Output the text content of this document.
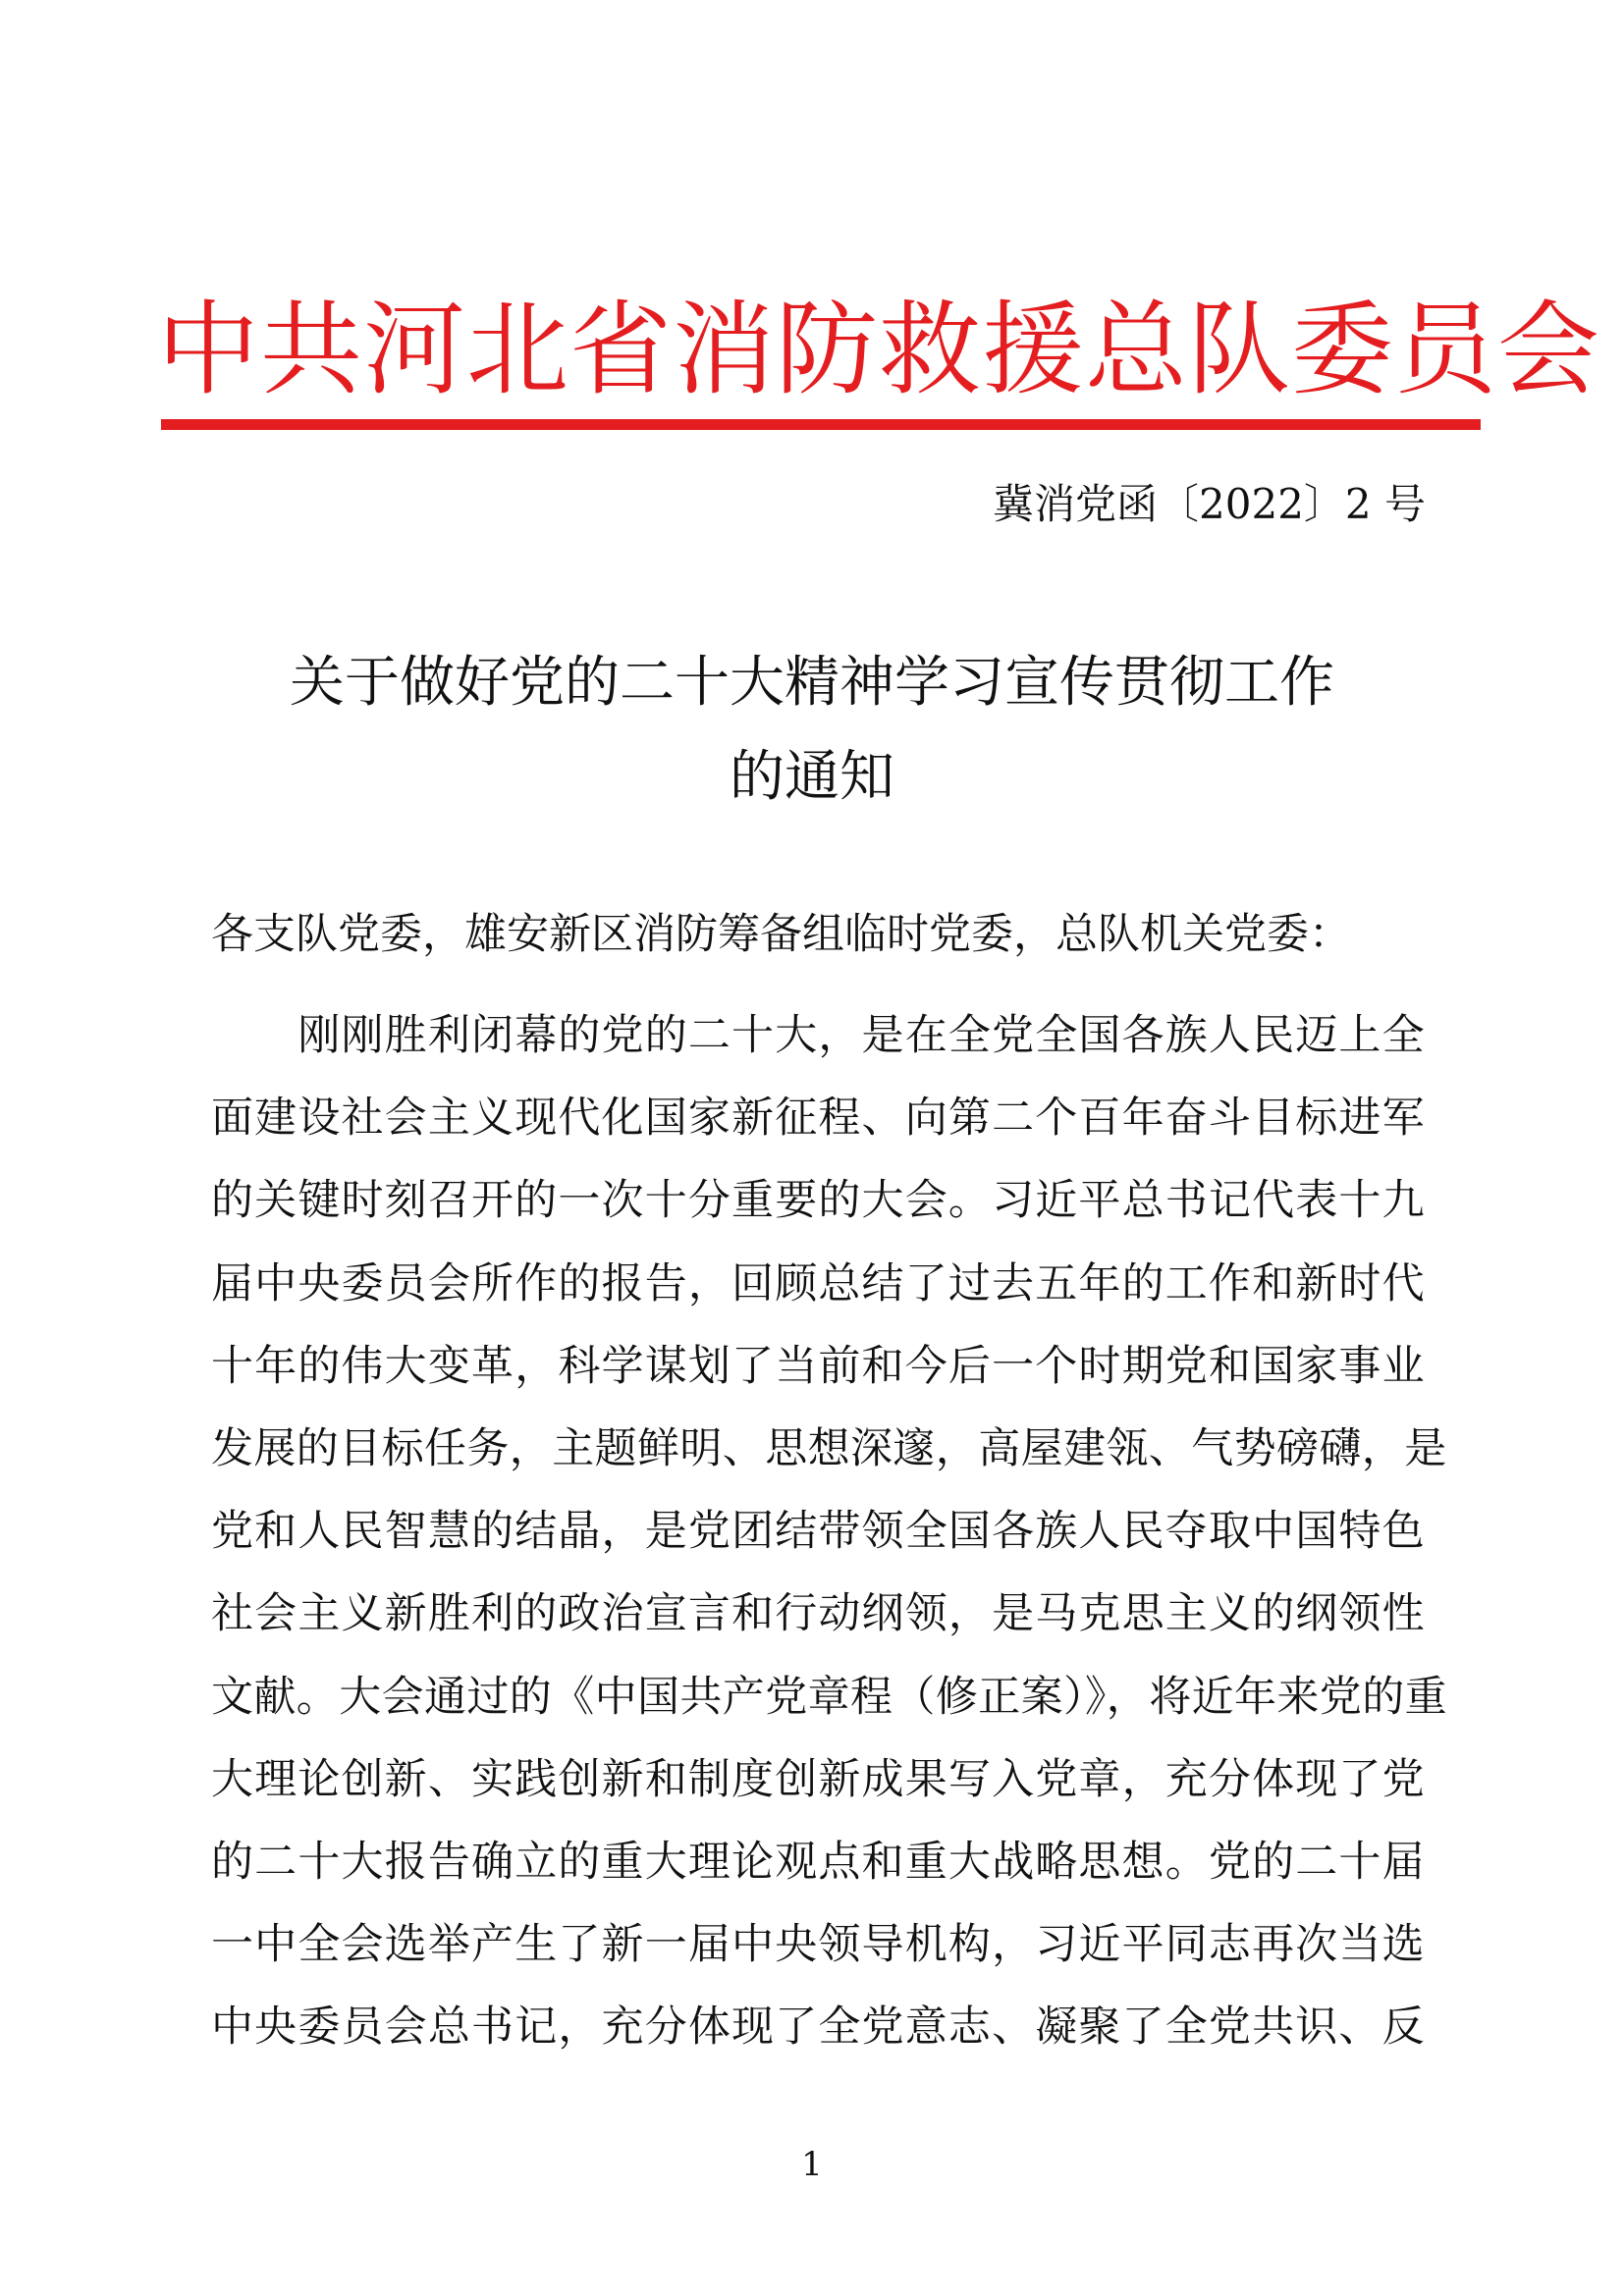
中共河北省消防救援总队委员会
冀消党函〔2022〕2 号
关于做好党的二十大精神学习宣传贯彻工作
的通知
各支队党委，雄安新区消防筹备组临时党委，总队机关党委：
　　刚刚胜利闭幕的党的二十大，是在全党全国各族人民迈上全
面建设社会主义现代化国家新征程、向第二个百年奋斗目标进军
的关键时刻召开的一次十分重要的大会。习近平总书记代表十九
届中央委员会所作的报告，回顾总结了过去五年的工作和新时代
十年的伟大变革，科学谋划了当前和今后一个时期党和国家事业
发展的目标任务，主题鲜明、思想深邃，高屋建瓴、气势磅礴，是
党和人民智慧的结晶，是党团结带领全国各族人民夺取中国特色
社会主义新胜利的政治宣言和行动纲领，是马克思主义的纲领性
文献。大会通过的《中国共产党章程（修正案）》，将近年来党的重
大理论创新、实践创新和制度创新成果写入党章，充分体现了党
的二十大报告确立的重大理论观点和重大战略思想。党的二十届
一中全会选举产生了新一届中央领导机构，习近平同志再次当选
中央委员会总书记，充分体现了全党意志、凝聚了全党共识、反
1
